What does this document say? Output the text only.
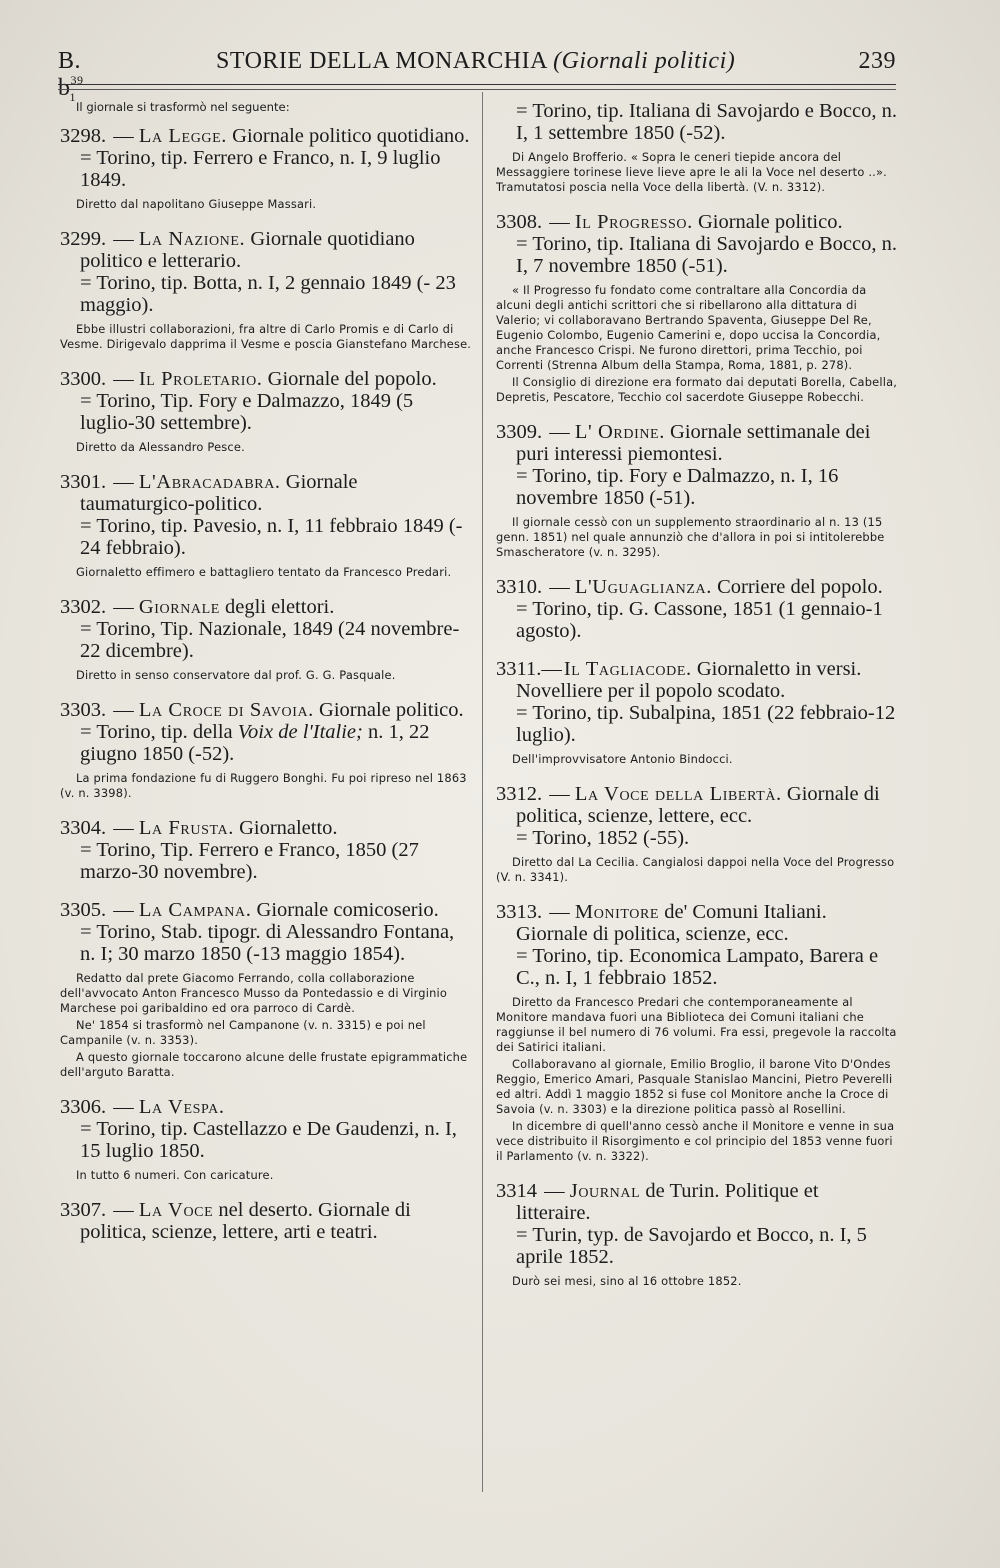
B. $b^{39}_1$
STORIE DELLA MONARCHIA (Giornali politici)	239

Il giornale si trasformò nel seguente:

3298. — La Legge. Giornale politico quotidiano.
= Torino, tip. Ferrero e Franco, n. I, 9 luglio 1849.

Diretto dal napolitano Giuseppe Massari.

3299. — La Nazione. Giornale quotidiano politico e letterario.
= Torino, tip. Botta, n. I, 2 gennaio 1849 (- 23 maggio).

Ebbe illustri collaborazioni, fra altre di Carlo Promis e di Carlo di Vesme. Dirigevalo dapprima il Vesme e poscia Gianstefano Marchese.

3300. — Il Proletario. Giornale del popolo.
= Torino, Tip. Fory e Dalmazzo, 1849 (5 luglio-30 settembre).

Diretto da Alessandro Pesce.

3301. — L'Abracadabra. Giornale taumaturgico-politico.
= Torino, tip. Pavesio, n. I, 11 febbraio 1849 (- 24 febbraio).

Giornaletto effimero e battagliero tentato da Francesco Predari.

3302. — Giornale degli elettori.
= Torino, Tip. Nazionale, 1849 (24 novembre-22 dicembre).

Diretto in senso conservatore dal prof. G. G. Pasquale.

3303. — La Croce di Savoia. Giornale politico.
= Torino, tip. della Voix de l'Italie; n. 1, 22 giugno 1850 (-52).

La prima fondazione fu di Ruggero Bonghi. Fu poi ripreso nel 1863 (v. n. 3398).

3304. — La Frusta. Giornaletto.
= Torino, Tip. Ferrero e Franco, 1850 (27 marzo-30 novembre).

3305. — La Campana. Giornale comicoserio.
= Torino, Stab. tipogr. di Alessandro Fontana, n. I; 30 marzo 1850 (-13 maggio 1854).

Redatto dal prete Giacomo Ferrando, colla collaborazione dell'avvocato Anton Francesco Musso da Pontedassio e di Virginio Marchese poi garibaldino ed ora parroco di Cardè.

Ne' 1854 si trasformò nel Campanone (v. n. 3315) e poi nel Campanile (v. n. 3353).

A questo giornale toccarono alcune delle frustate epigrammatiche dell'arguto Baratta.

3306. — La Vespa.
= Torino, tip. Castellazzo e De Gaudenzi, n. I, 15 luglio 1850.

In tutto 6 numeri. Con caricature.

3307. — La Voce nel deserto. Giornale di politica, scienze, lettere, arti e teatri.

= Torino, tip. Italiana di Savojardo e Bocco, n. I, 1 settembre 1850 (-52).

Di Angelo Brofferio. « Sopra le ceneri tiepide ancora del Messaggiere torinese lieve lieve apre le ali la Voce nel deserto ..». Tramutatosi poscia nella Voce della libertà. (V. n. 3312).

3308. — Il Progresso. Giornale politico.
= Torino, tip. Italiana di Savojardo e Bocco, n. I, 7 novembre 1850 (-51).

« Il Progresso fu fondato come contraltare alla Concordia da alcuni degli antichi scrittori che si ribellarono alla dittatura di Valerio; vi collaboravano Bertrando Spaventa, Giuseppe Del Re, Eugenio Colombo, Eugenio Camerini e, dopo uccisa la Concordia, anche Francesco Crispi. Ne furono direttori, prima Tecchio, poi Correnti (Strenna Album della Stampa, Roma, 1881, p. 278).

Il Consiglio di direzione era formato dai deputati Borella, Cabella, Depretis, Pescatore, Tecchio col sacerdote Giuseppe Robecchi.

3309. — L' Ordine. Giornale settimanale dei puri interessi piemontesi.
= Torino, tip. Fory e Dalmazzo, n. I, 16 novembre 1850 (-51).

Il giornale cessò con un supplemento straordinario al n. 13 (15 genn. 1851) nel quale annunziò che d'allora in poi si intitolerebbe Smascheratore (v. n. 3295).

3310. — L'Uguaglianza. Corriere del popolo.
= Torino, tip. G. Cassone, 1851 (1 gennaio-1 agosto).

3311.—Il Tagliacode. Giornaletto in versi. Novelliere per il popolo scodato.
= Torino, tip. Subalpina, 1851 (22 febbraio-12 luglio).

Dell'improvvisatore Antonio Bindocci.

3312. — La Voce della Libertà. Giornale di politica, scienze, lettere, ecc.
= Torino, 1852 (-55).

Diretto dal La Cecilia. Cangialosi dappoi nella Voce del Progresso (V. n. 3341).

3313. — Monitore de' Comuni Italiani. Giornale di politica, scienze, ecc.
= Torino, tip. Economica Lampato, Barera e C., n. I, 1 febbraio 1852.

Diretto da Francesco Predari che contemporaneamente al Monitore mandava fuori una Biblioteca dei Comuni italiani che raggiunse il bel numero di 76 volumi. Fra essi, pregevole la raccolta dei Satirici italiani.

Collaboravano al giornale, Emilio Broglio, il barone Vito D'Ondes Reggio, Emerico Amari, Pasquale Stanislao Mancini, Pietro Peverelli ed altri. Addì 1 maggio 1852 si fuse col Monitore anche la Croce di Savoia (v. n. 3303) e la direzione politica passò al Rosellini.

In dicembre di quell'anno cessò anche il Monitore e venne in sua vece distribuito il Risorgimento e col principio del 1853 venne fuori il Parlamento (v. n. 3322).

3314 — Journal de Turin. Politique et litteraire.
= Turin, typ. de Savojardo et Bocco, n. I, 5 aprile 1852.

Durò sei mesi, sino al 16 ottobre 1852.
